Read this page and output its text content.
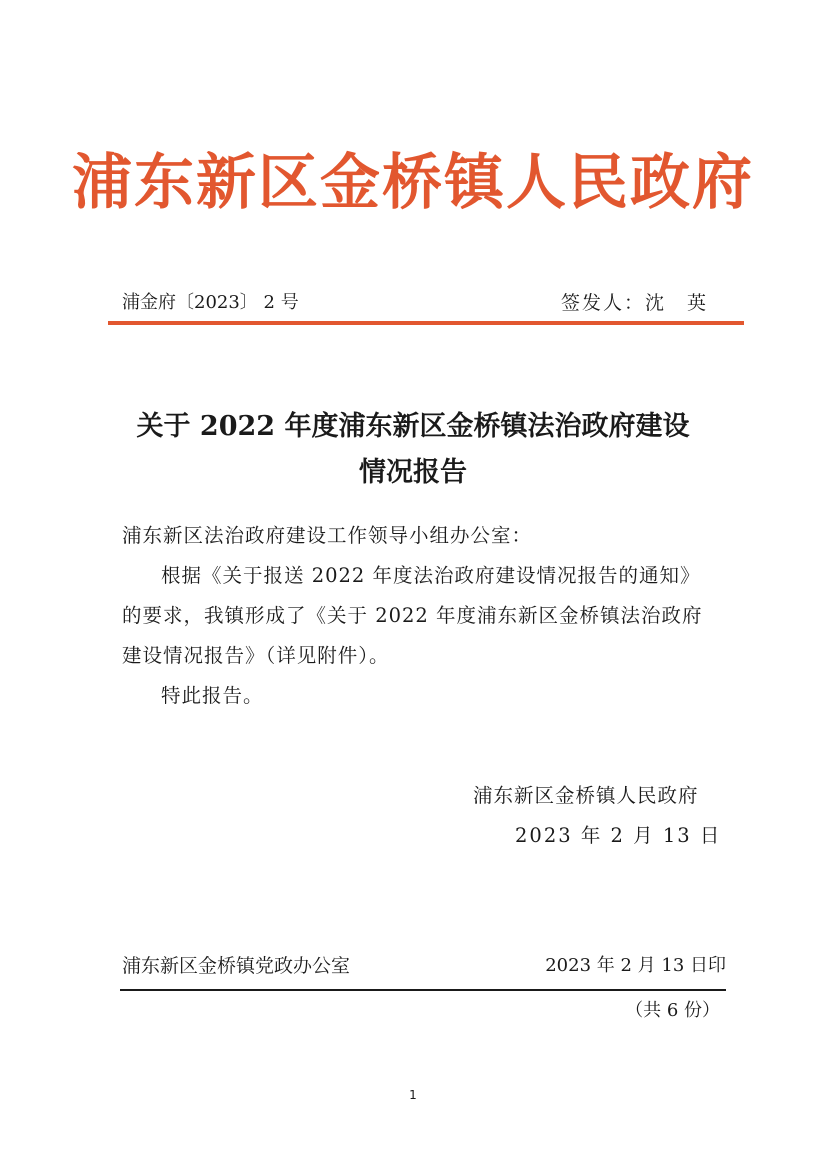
浦东新区金桥镇人民政府
浦金府〔2023〕 2 号	签发人：沈　英
关于 2022 年度浦东新区金桥镇法治政府建设
情况报告
浦东新区法治政府建设工作领导小组办公室：
根据《关于报送 2022 年度法治政府建设情况报告的通知》
的要求，我镇形成了《关于 2022 年度浦东新区金桥镇法治政府
建设情况报告》（详见附件）。
特此报告。
浦东新区金桥镇人民政府
2023 年 2 月 13 日
浦东新区金桥镇党政办公室	2023 年 2 月 13 日印
（共 6 份）
1
